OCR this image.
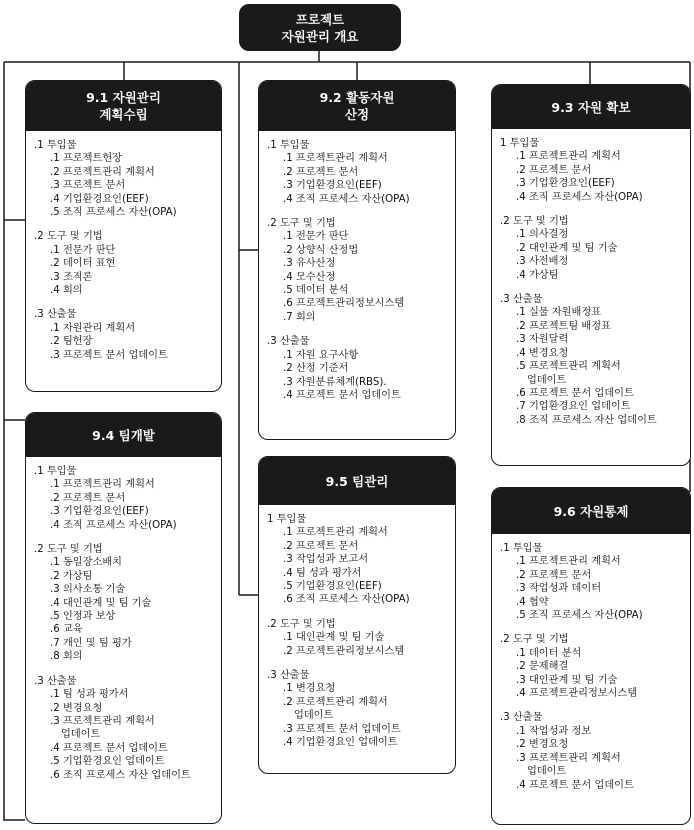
프로젝트
자원관리 개요
9.1 자원관리
계획수립
.1 투입물
.1 프로젝트헌장
.2 프로젝트관리 계획서
.3 프로젝트 문서
.4 기업환경요인(EEF)
.5 조직 프로세스 자산(OPA)
.2 도구 및 기법
.1 전문가 판단
.2 데이터 표현
.3 조직론
.4 회의
.3 산출물
.1 자원관리 계획서
.2 팀헌장
.3 프로젝트 문서 업데이트
9.2 활동자원
산정
.1 투입물
.1 프로젝트관리 계획서
.2 프로젝트 문서
.3 기업환경요인(EEF)
.4 조직 프로세스 자산(OPA)
.2 도구 및 기법
.1 전문가 판단
.2 상향식 산정법
.3 유사산정
.4 모수산정
.5 데이터 분석
.6 프로젝트관리정보시스템
.7 회의
.3 산출물
.1 자원 요구사항
.2 산정 기준서
.3 자원분류체계(RBS).
.4 프로젝트 문서 업데이트
9.3 자원 확보
1 투입물
.1 프로젝트관리 계획서
.2 프로젝트 문서
.3 기업환경요인(EEF)
.4 조직 프로세스 자산(OPA)
.2 도구 및 기법
.1 의사결정
.2 대인관계 및 팀 기술
.3 사전배정
.4 가상팀
.3 산출물
.1 실물 자원배정표
.2 프로젝트팀 배정표
.3 자원달력
.4 변경요청
.5 프로젝트관리 계획서
업데이트
.6 프로젝트 문서 업데이트
.7 기업환경요인 업데이트
.8 조직 프로세스 자산 업데이트
9.4 팀개발
.1 투입물
.1 프로젝트관리 계획서
.2 프로젝트 문서
.3 기업환경요인(EEF)
.4 조직 프로세스 자산(OPA)
.2 도구 및 기법
.1 동일장소배치
.2 가상팀
.3 의사소통 기술
.4 대인관계 및 팀 기술
.5 인정과 보상
.6 교육
.7 개인 및 팀 평가
.8 회의
.3 산출물
.1 팀 성과 평가서
.2 변경요청
.3 프로젝트관리 계획서
업데이트
.4 프로젝트 문서 업데이트
.5 기업환경요인 업데이트
.6 조직 프로세스 자산 업데이트
9.5 팀관리
1 투입물
.1 프로젝트관리 계획서
.2 프로젝트 문서
.3 작업성과 보고서
.4 팀 성과 평가서
.5 기업환경요인(EEF)
.6 조직 프로세스 자산(OPA)
.2 도구 및 기법
.1 대인관계 및 팀 기술
.2 프로젝트관리정보시스템
.3 산출물
.1 변경요청
.2 프로젝트관리 계획서
업데이트
.3 프로젝트 문서 업데이트
.4 기업환경요인 업데이트
9.6 자원통제
.1 투입물
.1 프로젝트관리 계획서
.2 프로젝트 문서
.3 작업성과 데이터
.4 협약
.5 조직 프로세스 자산(OPA)
.2 도구 및 기법
.1 데이터 분석
.2 문제해결
.3 대인관계 및 팀 기술
.4 프로젝트관리정보시스템
.3 산출물
.1 작업성과 정보
.2 변경요청
.3 프로젝트관리 계획서
업데이트
.4 프로젝트 문서 업데이트
